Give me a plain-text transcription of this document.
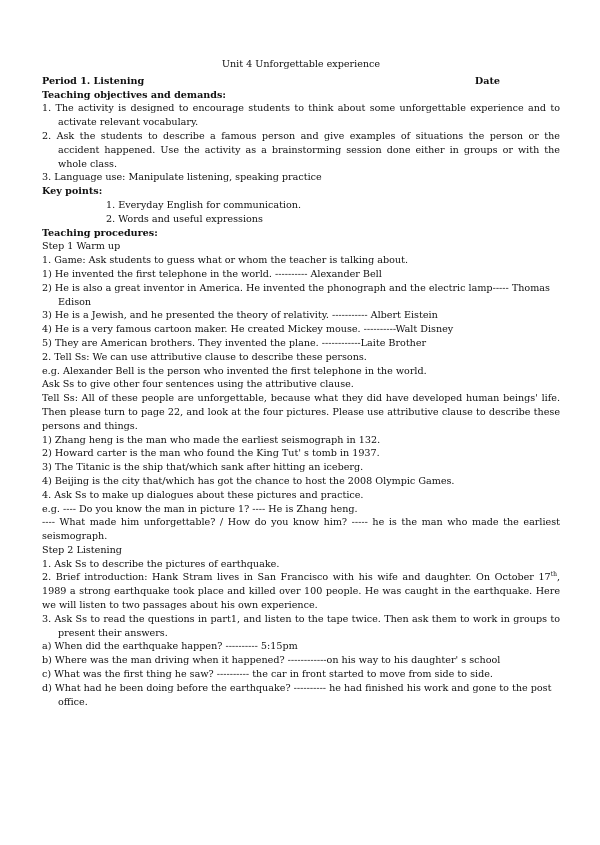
Unit 4 Unforgettable experience
Period 1. Listening	Date
Teaching objectives and demands:
1. The activity is designed to encourage students to think about some unforgettable experience and to activate relevant vocabulary.
2. Ask the students to describe a famous person and give examples of situations the person or the accident happened. Use the activity as a brainstorming session done either in groups or with the whole class.
3. Language use: Manipulate listening, speaking practice
Key points:
1. Everyday English for communication.
2. Words and useful expressions
Teaching procedures:
Step 1 Warm up
1. Game: Ask students to guess what or whom the teacher is talking about.
1) He invented the first telephone in the world. ---------- Alexander Bell
2) He is also a great inventor in America. He invented the phonograph and the electric lamp----- Thomas Edison
3) He is a Jewish, and he presented the theory of relativity. ----------- Albert Eistein
4) He is a very famous cartoon maker. He created Mickey mouse. ----------Walt Disney
5) They are American brothers. They invented the plane. ------------Laite Brother
2. Tell Ss: We can use attributive clause to describe these persons.
e.g. Alexander Bell is the person who invented the first telephone in the world.
Ask Ss to give other four sentences using the attributive clause.
Tell Ss: All of these people are unforgettable, because what they did have developed human beings' life. Then please turn to page 22, and look at the four pictures. Please use attributive clause to describe these persons and things.
1) Zhang heng is the man who made the earliest seismograph in 132.
2) Howard carter is the man who found the King Tut' s tomb in 1937.
3) The Titanic is the ship that/which sank after hitting an iceberg.
4) Beijing is the city that/which has got the chance to host the 2008 Olympic Games.
4. Ask Ss to make up dialogues about these pictures and practice.
e.g. ---- Do you know the man in picture 1? ---- He is Zhang heng.
---- What made him unforgettable? / How do you know him? ----- he is the man who made the earliest seismograph.
Step 2 Listening
1. Ask Ss to describe the pictures of earthquake.
2. Brief introduction: Hank Stram lives in San Francisco with his wife and daughter. On October 17th, 1989 a strong earthquake took place and killed over 100 people. He was caught in the earthquake. Here we will listen to two passages about his own experience.
3. Ask Ss to read the questions in part1, and listen to the tape twice. Then ask them to work in groups to present their answers.
a) When did the earthquake happen? ---------- 5:15pm
b) Where was the man driving when it happened? ------------on his way to his daughter' s school
c) What was the first thing he saw? ---------- the car in front started to move from side to side.
d) What had he been doing before the earthquake? ---------- he had finished his work and gone to the post office.
